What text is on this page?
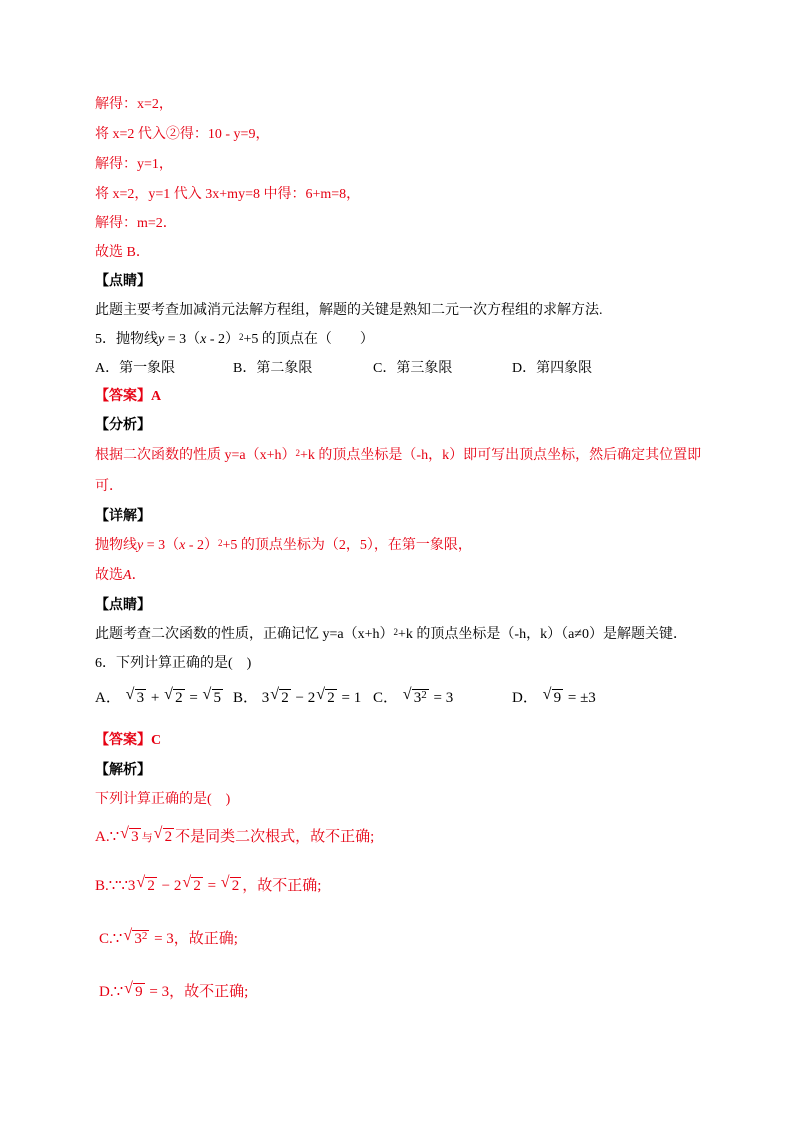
解得：x=2，
将 x=2 代入②得：10 - y=9，
解得：y=1，
将 x=2，y=1 代入 3x+my=8 中得：6+m=8，
解得：m=2．
故选 B．
【点睛】
此题主要考查加减消元法解方程组，解题的关键是熟知二元一次方程组的求解方法.
5．抛物线y = 3（x - 2）$^2$+5 的顶点在（　　）
A．第一象限	B．第二象限	C．第三象限	D．第四象限
【答案】A
【分析】
根据二次函数的性质 $y=a(x+h)^2+k$ 的顶点坐标是（-h，k）即可写出顶点坐标，然后确定其位置即
可．
【详解】
抛物线y = 3（x - 2）$^2$+5 的顶点坐标为（2，5），在第一象限，
故选A．
【点睛】
此题考查二次函数的性质，正确记忆 $y=a(x+h)^2+k$ 的顶点坐标是（-h，k）（a≠0）是解题关键．
6．下列计算正确的是(　)
A． √ 3 + √ 2 = √ 5 B． 3 √ 2 − 2 √ 2 = 1 C． √ $3^2 = 3$	D． √ 9 = ±3
【答案】C
【解析】
下列计算正确的是(　)
A.∵ √ 3 与 √ 2 不是同类二次根式，故不正确;
B.∵∵3 √ 2 − 2 √ 2 = √ 2 ，故不正确;
C.∵ √ $3^2 = 3$，故正确;
D.∵ √ 9 = 3，故不正确;
